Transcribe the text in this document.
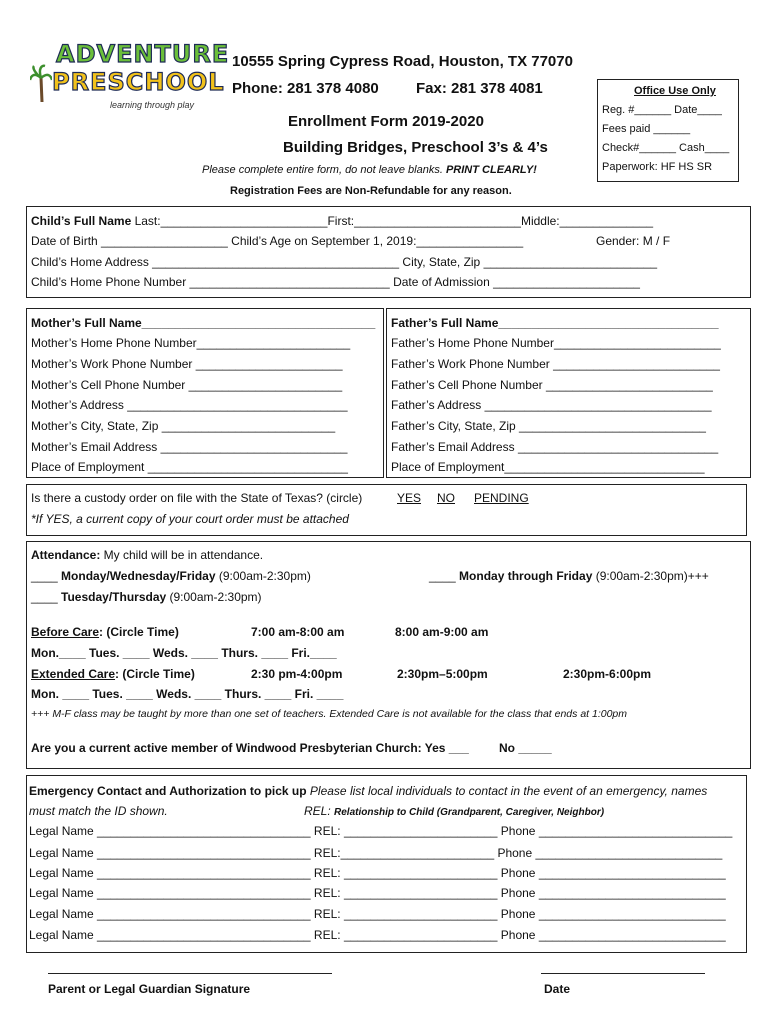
ADVENTURE
PRESCHOOL
learning through play
10555 Spring Cypress Road, Houston, TX 77070
Phone: 281 378 4080 Fax: 281 378 4081
Enrollment Form 2019-2020
Building Bridges, Preschool 3’s & 4’s
Please complete entire form, do not leave blanks. PRINT CLEARLY!
Registration Fees are Non-Refundable for any reason.
Office Use Only
Reg. #______ Date____
Fees paid ______
Check#______ Cash____
Paperwork: HF HS SR
Child’s Full Name Last:_________________________First:_________________________Middle:______________
Date of Birth ___________________ Child’s Age on September 1, 2019:________________	Gender: M / F
Child’s Home Address _____________________________________ City, State, Zip __________________________
Child’s Home Phone Number ______________________________ Date of Admission ______________________
Mother’s Full Name___________________________________
Mother’s Home Phone Number_______________________
Mother’s Work Phone Number ______________________
Mother’s Cell Phone Number _______________________
Mother’s Address _________________________________
Mother’s City, State, Zip __________________________
Mother’s Email Address ____________________________
Place of Employment ______________________________
Father’s Full Name_________________________________
Father’s Home Phone Number_________________________
Father’s Work Phone Number _________________________
Father’s Cell Phone Number _________________________
Father’s Address __________________________________
Father’s City, State, Zip ____________________________
Father’s Email Address ______________________________
Place of Employment______________________________
Is there a custody order on file with the State of Texas? (circle)	YES NO PENDING
*If YES, a current copy of your court order must be attached
Attendance: My child will be in attendance.
____ Monday/Wednesday/Friday (9:00am-2:30pm)	____ Monday through Friday (9:00am-2:30pm)+++
____ Tuesday/Thursday (9:00am-2:30pm)
Before Care: (Circle Time)	7:00 am-8:00 am	8:00 am-9:00 am
Mon.____ Tues. ____ Weds. ____ Thurs. ____ Fri.____
Extended Care: (Circle Time)	2:30 pm-4:00pm	2:30pm–5:00pm	2:30pm-6:00pm
Mon. ____ Tues. ____ Weds. ____ Thurs. ____ Fri. ____
+++ M-F class may be taught by more than one set of teachers. Extended Care is not available for the class that ends at 1:00pm
Are you a current active member of Windwood Presbyterian Church: Yes ___	No _____
Emergency Contact and Authorization to pick up Please list local individuals to contact in the event of an emergency, names
must match the ID shown.	REL: Relationship to Child (Grandparent, Caregiver, Neighbor)
Legal Name ________________________________ REL: _______________________ Phone _____________________________
Legal Name ________________________________ REL:_______________________ Phone ____________________________
Legal Name ________________________________ REL: _______________________ Phone ____________________________
Legal Name ________________________________ REL: _______________________ Phone ____________________________
Legal Name ________________________________ REL: _______________________ Phone ____________________________
Legal Name ________________________________ REL: _______________________ Phone ____________________________
Parent or Legal Guardian Signature	Date
